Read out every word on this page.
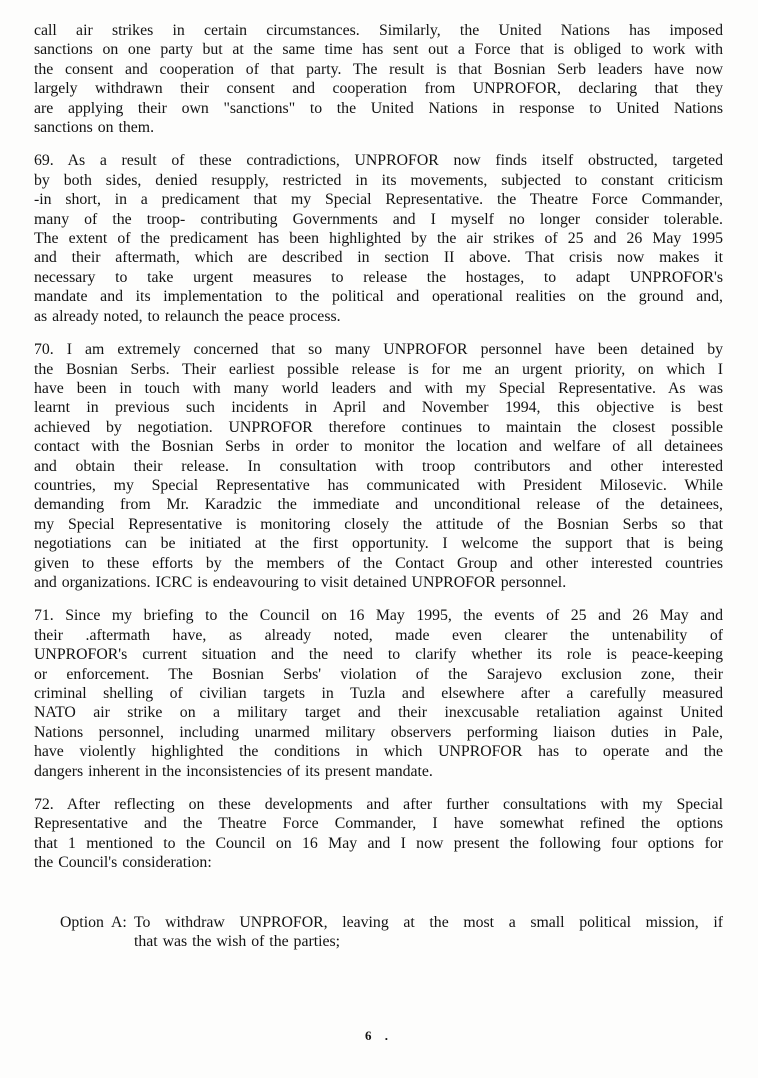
call air strikes in certain circumstances. Similarly, the United Nations has imposed
sanctions on one party but at the same time has sent out a Force that is obliged to work with
the consent and cooperation of that party. The result is that Bosnian Serb leaders have now
largely withdrawn their consent and cooperation from UNPROFOR, declaring that they
are applying their own "sanctions" to the United Nations in response to United Nations
sanctions on them.
69. As a result of these contradictions, UNPROFOR now finds itself obstructed, targeted
by both sides, denied resupply, restricted in its movements, subjected to constant criticism
-in short, in a predicament that my Special Representative. the Theatre Force Commander,
many of the troop- contributing Governments and I myself no longer consider tolerable.
The extent of the predicament has been highlighted by the air strikes of 25 and 26 May 1995
and their aftermath, which are described in section II above. That crisis now makes it
necessary to take urgent measures to release the hostages, to adapt UNPROFOR's
mandate and its implementation to the political and operational realities on the ground and,
as already noted, to relaunch the peace process.
70. I am extremely concerned that so many UNPROFOR personnel have been detained by
the Bosnian Serbs. Their earliest possible release is for me an urgent priority, on which I
have been in touch with many world leaders and with my Special Representative. As was
learnt in previous such incidents in April and November 1994, this objective is best
achieved by negotiation. UNPROFOR therefore continues to maintain the closest possible
contact with the Bosnian Serbs in order to monitor the location and welfare of all detainees
and obtain their release. In consultation with troop contributors and other interested
countries, my Special Representative has communicated with President Milosevic. While
demanding from Mr. Karadzic the immediate and unconditional release of the detainees,
my Special Representative is monitoring closely the attitude of the Bosnian Serbs so that
negotiations can be initiated at the first opportunity. I welcome the support that is being
given to these efforts by the members of the Contact Group and other interested countries
and organizations. ICRC is endeavouring to visit detained UNPROFOR personnel.
71. Since my briefing to the Council on 16 May 1995, the events of 25 and 26 May and
their .aftermath have, as already noted, made even clearer the untenability of
UNPROFOR's current situation and the need to clarify whether its role is peace-keeping
or enforcement. The Bosnian Serbs' violation of the Sarajevo exclusion zone, their
criminal shelling of civilian targets in Tuzla and elsewhere after a carefully measured
NATO air strike on a military target and their inexcusable retaliation against United
Nations personnel, including unarmed military observers performing liaison duties in Pale,
have violently highlighted the conditions in which UNPROFOR has to operate and the
dangers inherent in the inconsistencies of its present mandate.
72. After reflecting on these developments and after further consultations with my Special
Representative and the Theatre Force Commander, I have somewhat refined the options
that 1 mentioned to the Council on 16 May and I now present the following four options for
the Council's consideration:
Option A: To withdraw UNPROFOR, leaving at the most a small political mission, if
that was the wish of the parties;
6 .
